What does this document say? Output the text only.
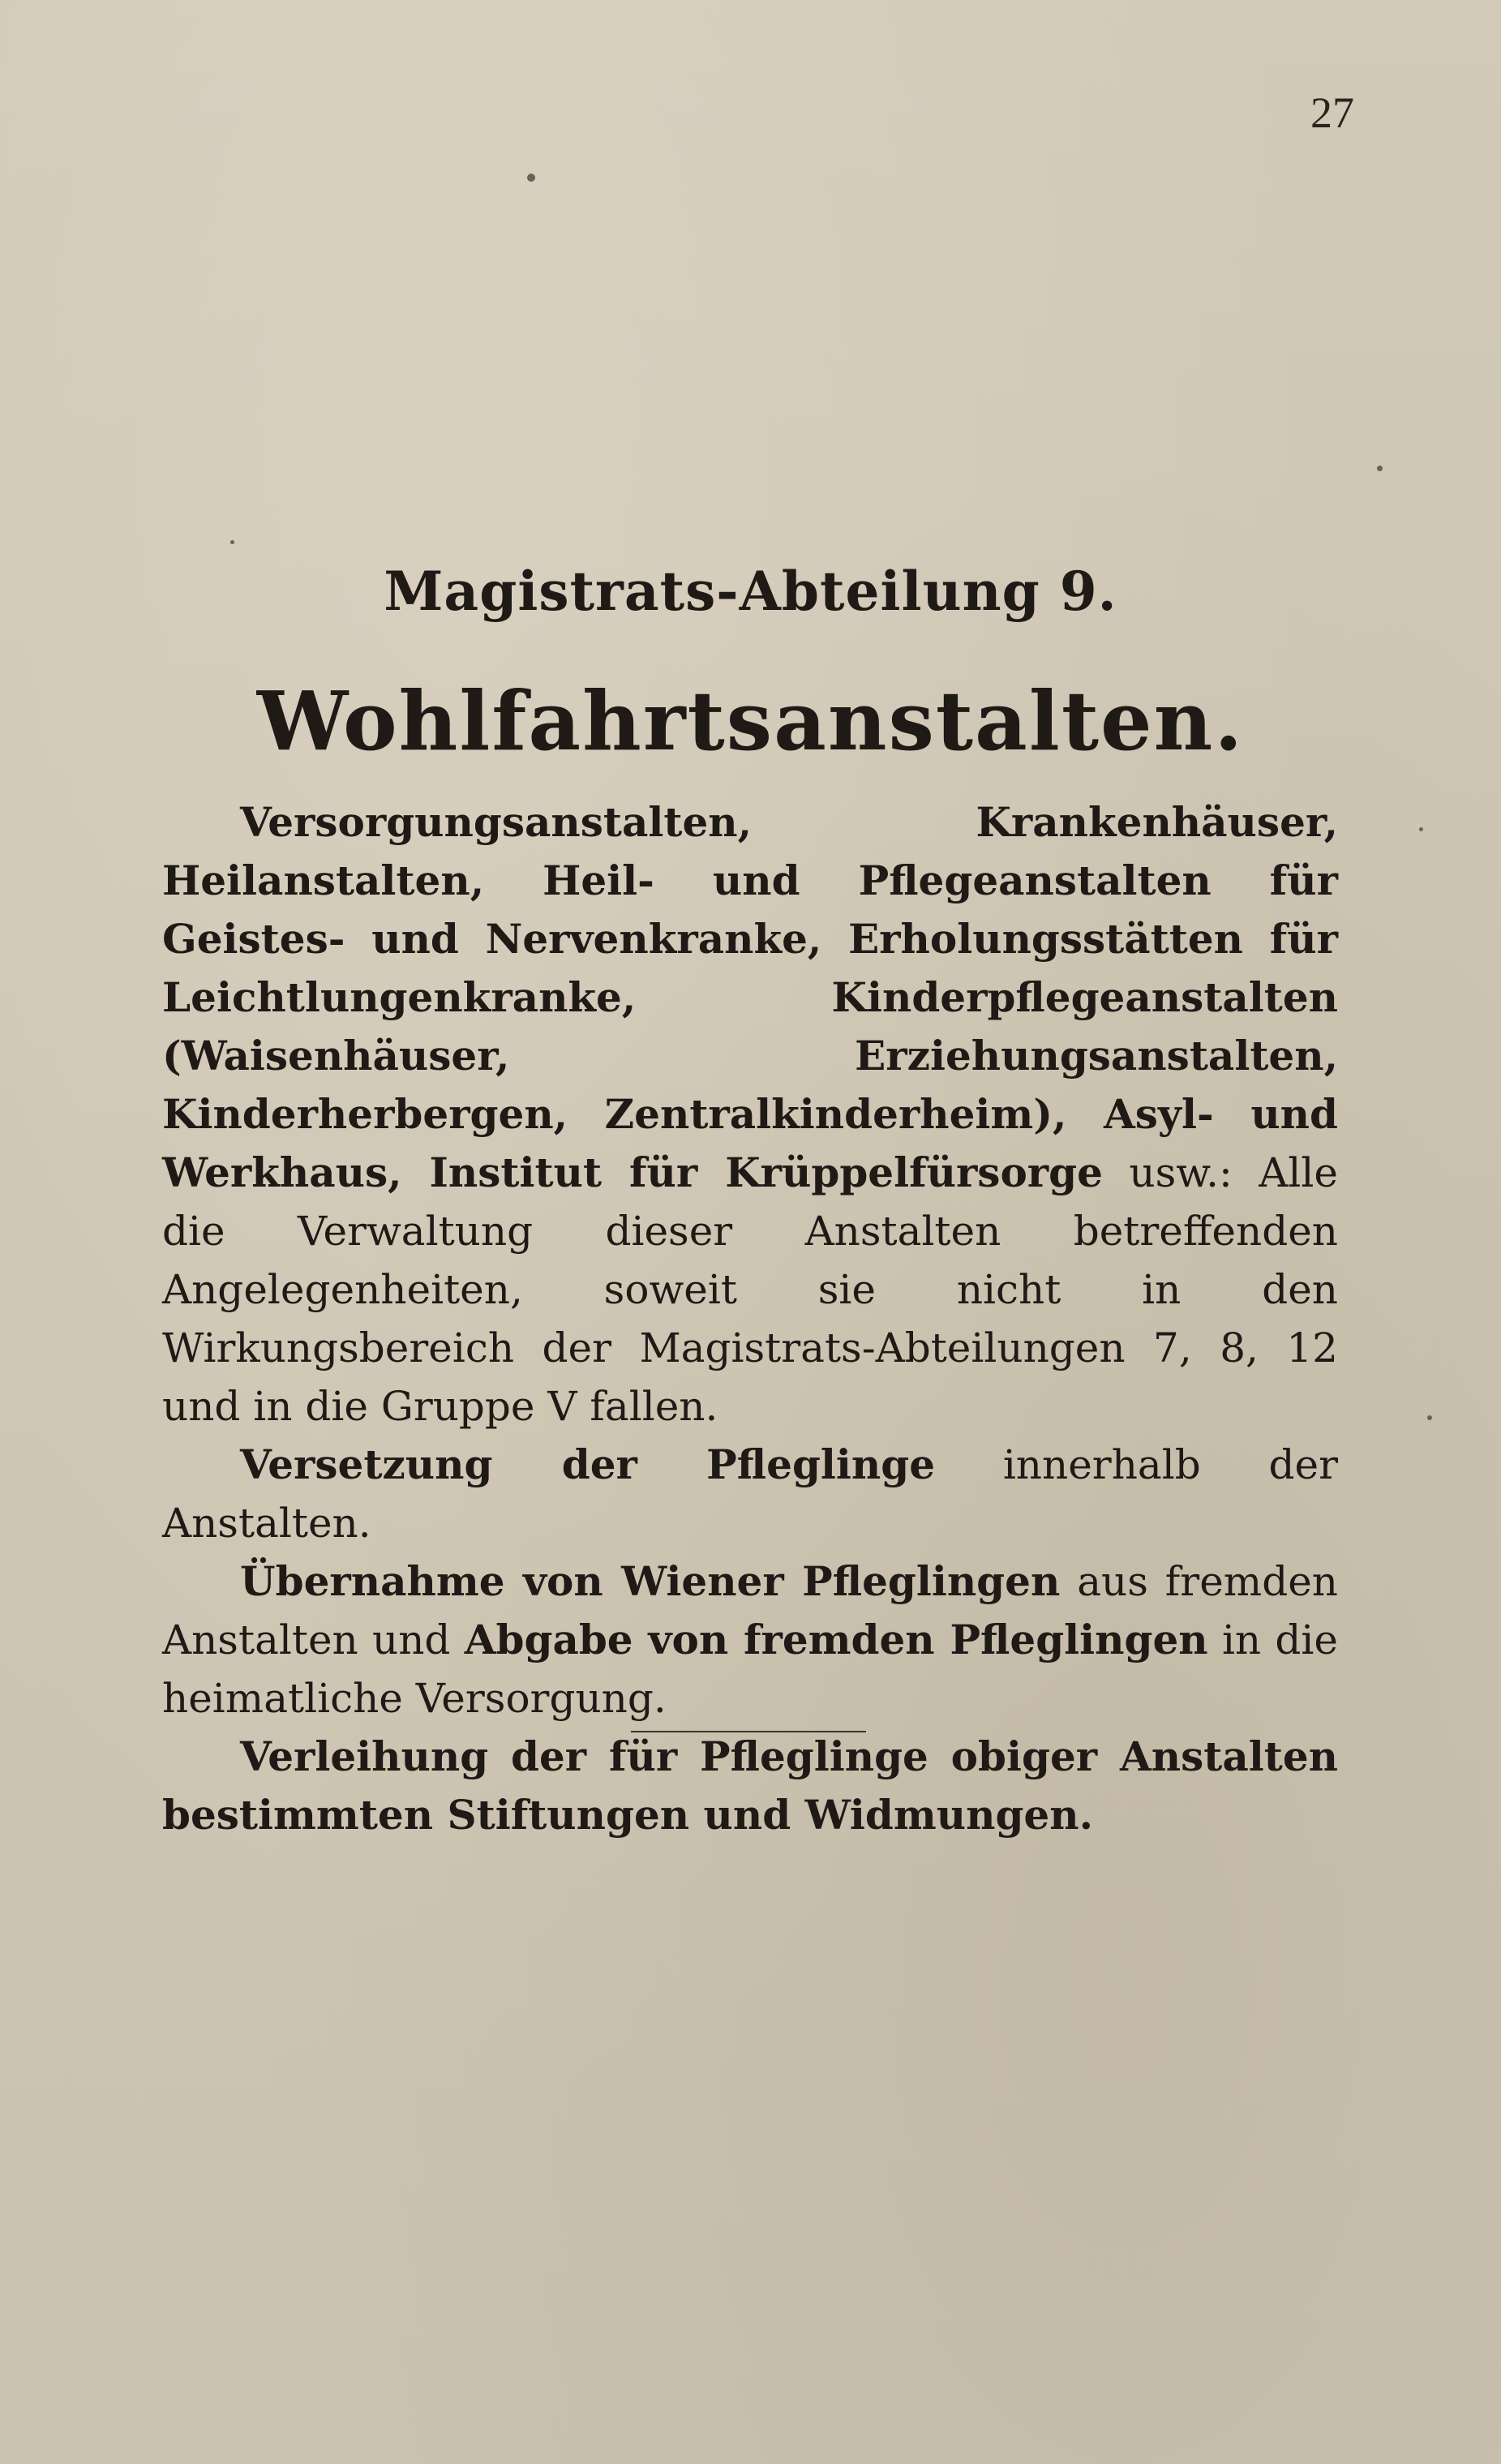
27
Magistrats-Abteilung 9.
Wohlfahrtsanstalten.

Versorgungsanstalten, Krankenhäuser, Heilanstalten, Heil- und Pflegeanstalten für Geistes- und Nervenkranke, Erholungsstätten für Leichtlungenkranke, Kinderpflegeanstalten (Waisenhäuser, Erziehungsanstalten, Kinderherbergen, Zentralkinderheim), Asyl- und Werkhaus, Institut für Krüppelfürsorge usw.: Alle die Verwaltung dieser Anstalten betreffenden Angelegenheiten, soweit sie nicht in den Wirkungsbereich der Magistrats-Abteilungen 7, 8, 12 und in die Gruppe V fallen.

Versetzung der Pfleglinge innerhalb der Anstalten.

Übernahme von Wiener Pfleglingen aus fremden Anstalten und Abgabe von fremden Pfleglingen in die heimatliche Versorgung.

Verleihung der für Pfleglinge obiger Anstalten bestimmten Stiftungen und Widmungen.
